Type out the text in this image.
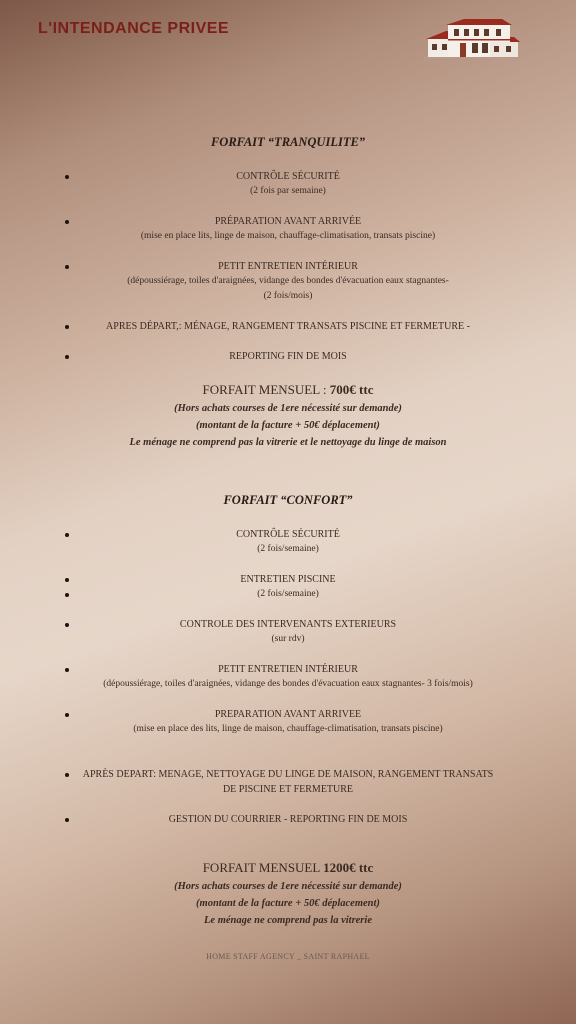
L'INTENDANCE PRIVEE
FORFAIT “TRANQUILITE”
CONTRÔLE SÉCURITÉ
(2 fois par semaine)
PRÉPARATION AVANT ARRIVÉE
(mise en place lits, linge de maison, chauffage-climatisation, transats piscine)
PETIT ENTRETIEN INTÉRIEUR
(dépoussiérage, toiles d'araignées, vidange des bondes d'évacuation eaux stagnantes-
(2 fois/mois)
APRES DÉPART,: MÉNAGE, RANGEMENT TRANSATS PISCINE ET FERMETURE -
REPORTING FIN DE MOIS
FORFAIT MENSUEL : 700€ ttc
(Hors achats courses de 1ere nécessité sur demande)
(montant de la facture + 50€ déplacement)
Le ménage ne comprend pas la vitrerie et le nettoyage du linge de maison
FORFAIT “CONFORT”
CONTRÔLE SÉCURITÉ
(2 fois/semaine)
ENTRETIEN PISCINE
(2 fois/semaine)
CONTROLE DES INTERVENANTS EXTERIEURS
(sur rdv)
PETIT ENTRETIEN INTÉRIEUR
(dépoussiérage, toiles d'araignées, vidange des bondes d'évacuation eaux stagnantes- 3 fois/mois)
PREPARATION AVANT ARRIVEE
(mise en place des lits, linge de maison, chauffage-climatisation, transats piscine)
APRÈS DEPART: MENAGE, NETTOYAGE DU LINGE DE MAISON, RANGEMENT TRANSATS
DE PISCINE ET FERMETURE
GESTION DU COURRIER - REPORTING FIN DE MOIS
FORFAIT MENSUEL 1200€ ttc
(Hors achats courses de 1ere nécessité sur demande)
(montant de la facture + 50€ déplacement)
Le ménage ne comprend pas la vitrerie
HOME STAFF AGENCY _ SAINT RAPHAEL
